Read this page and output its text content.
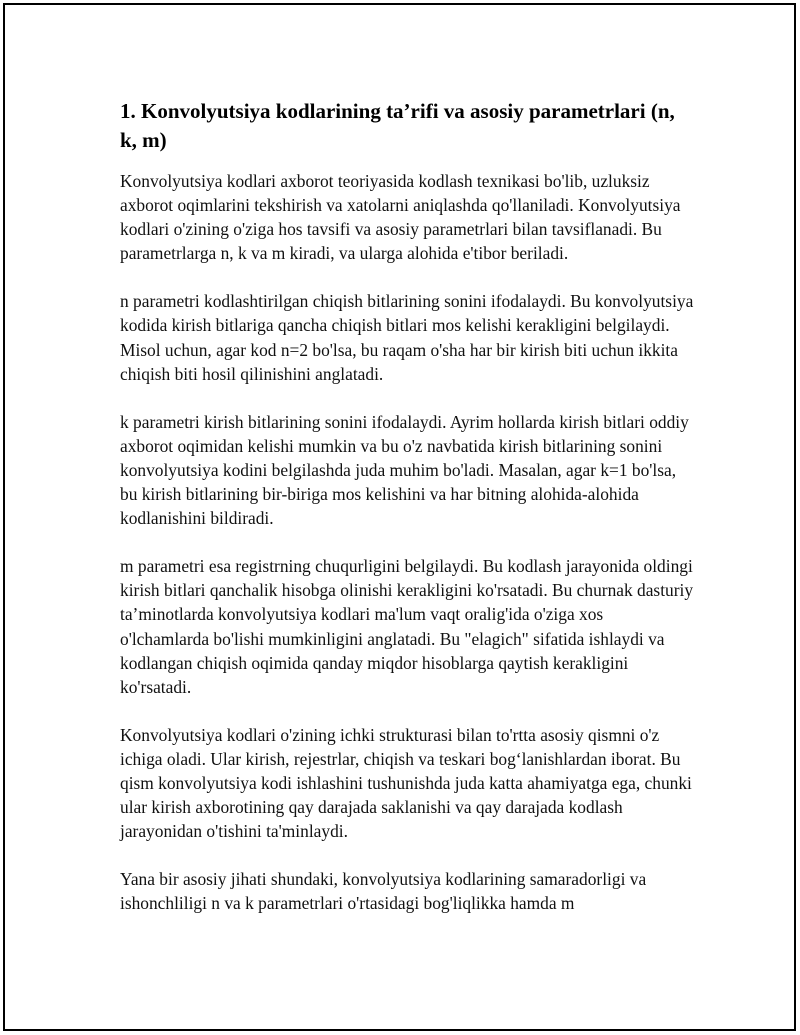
1. Konvolyutsiya kodlarining ta’rifi va asosiy parametrlari (n, k, m)

Konvolyutsiya kodlari axborot teoriyasida kodlash texnikasi bo'lib, uzluksiz axborot oqimlarini tekshirish va xatolarni aniqlashda qo'llaniladi. Konvolyutsiya kodlari o'zining o'ziga hos tavsifi va asosiy parametrlari bilan tavsiflanadi. Bu parametrlarga n, k va m kiradi, va ularga alohida e'tibor beriladi.

n parametri kodlashtirilgan chiqish bitlarining sonini ifodalaydi. Bu konvolyutsiya kodida kirish bitlariga qancha chiqish bitlari mos kelishi kerakligini belgilaydi. Misol uchun, agar kod n=2 bo'lsa, bu raqam o'sha har bir kirish biti uchun ikkita chiqish biti hosil qilinishini anglatadi.

k parametri kirish bitlarining sonini ifodalaydi. Ayrim hollarda kirish bitlari oddiy axborot oqimidan kelishi mumkin va bu o'z navbatida kirish bitlarining sonini konvolyutsiya kodini belgilashda juda muhim bo'ladi. Masalan, agar k=1 bo'lsa, bu kirish bitlarining bir-biriga mos kelishini va har bitning alohida-alohida kodlanishini bildiradi.

m parametri esa registrning chuqurligini belgilaydi. Bu kodlash jarayonida oldingi kirish bitlari qanchalik hisobga olinishi kerakligini ko'rsatadi. Bu churnak dasturiy ta’minotlarda konvolyutsiya kodlari ma'lum vaqt oralig'ida o'ziga xos o'lchamlarda bo'lishi mumkinligini anglatadi. Bu "elagich" sifatida ishlaydi va kodlangan chiqish oqimida qanday miqdor hisoblarga qaytish kerakligini ko'rsatadi.

Konvolyutsiya kodlari o'zining ichki strukturasi bilan to'rtta asosiy qismni o'z ichiga oladi. Ular kirish, rejestrlar, chiqish va teskari bog‘lanishlardan iborat. Bu qism konvolyutsiya kodi ishlashini tushunishda juda katta ahamiyatga ega, chunki ular kirish axborotining qay darajada saklanishi va qay darajada kodlash jarayonidan o'tishini ta'minlaydi.

Yana bir asosiy jihati shundaki, konvolyutsiya kodlarining samaradorligi va ishonchliligi n va k parametrlari o'rtasidagi bog'liqlikka hamda m
